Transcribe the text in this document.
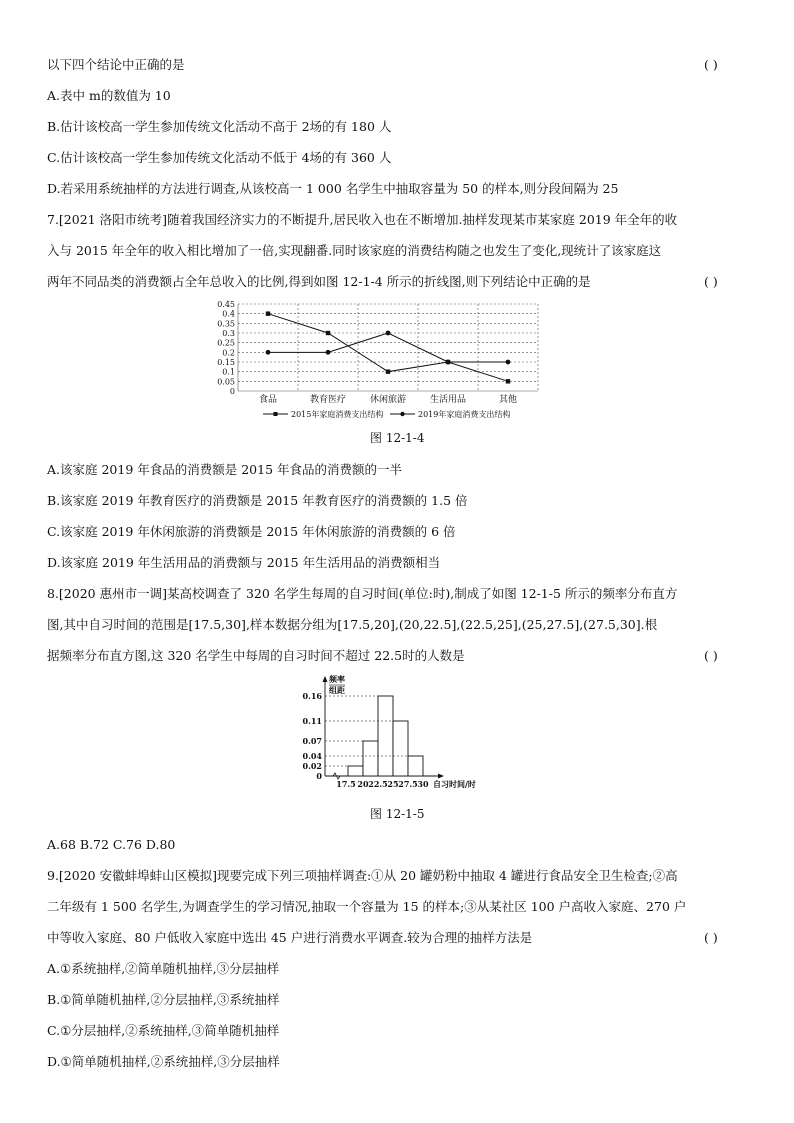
以下四个结论中正确的是	( )
A.表中 m的数值为 10
B.估计该校高一学生参加传统文化活动不高于 2场的有 180 人
C.估计该校高一学生参加传统文化活动不低于 4场的有 360 人
D.若采用系统抽样的方法进行调查,从该校高一 1 000 名学生中抽取容量为 50 的样本,则分段间隔为 25
7.[2021 洛阳市统考]随着我国经济实力的不断提升,居民收入也在不断增加.抽样发现某市某家庭 2019 年全年的收
入与 2015 年全年的收入相比增加了一倍,实现翻番.同时该家庭的消费结构随之也发生了变化,现统计了该家庭这
两年不同品类的消费额占全年总收入的比例,得到如图 12-1-4 所示的折线图,则下列结论中正确的是	( )
0
0.05
0.1
0.15
0.2
0.25
0.3
0.35
0.4
0.45
食品	教育医疗	休闲旅游	生活用品	其他
2015年家庭消费支出结构	2019年家庭消费支出结构
图 12-1-4
A.该家庭 2019 年食品的消费额是 2015 年食品的消费额的一半
B.该家庭 2019 年教育医疗的消费额是 2015 年教育医疗的消费额的 1.5 倍
C.该家庭 2019 年休闲旅游的消费额是 2015 年休闲旅游的消费额的 6 倍
D.该家庭 2019 年生活用品的消费额与 2015 年生活用品的消费额相当
8.[2020 惠州市一调]某高校调查了 320 名学生每周的自习时间(单位:时),制成了如图 12-1-5 所示的频率分布直方
图,其中自习时间的范围是[17.5,30],样本数据分组为[17.5,20],(20,22.5],(22.5,25],(25,27.5],(27.5,30].根
据频率分布直方图,这 320 名学生中每周的自习时间不超过 22.5时的人数是	( )
频率
组距
0.16
0.11
0.07
0.04
0.02
0
17.5 20 22.5 25 27.5 30 自习时间/时
图 12-1-5
A.68 B.72 C.76 D.80
9.[2020 安徽蚌埠蚌山区模拟]现要完成下列三项抽样调查:①从 20 罐奶粉中抽取 4 罐进行食品安全卫生检查;②高
二年级有 1 500 名学生,为调查学生的学习情况,抽取一个容量为 15 的样本;③从某社区 100 户高收入家庭、270 户
中等收入家庭、80 户低收入家庭中选出 45 户进行消费水平调查.较为合理的抽样方法是	( )
A.①系统抽样,②简单随机抽样,③分层抽样
B.①简单随机抽样,②分层抽样,③系统抽样
C.①分层抽样,②系统抽样,③简单随机抽样
D.①简单随机抽样,②系统抽样,③分层抽样
